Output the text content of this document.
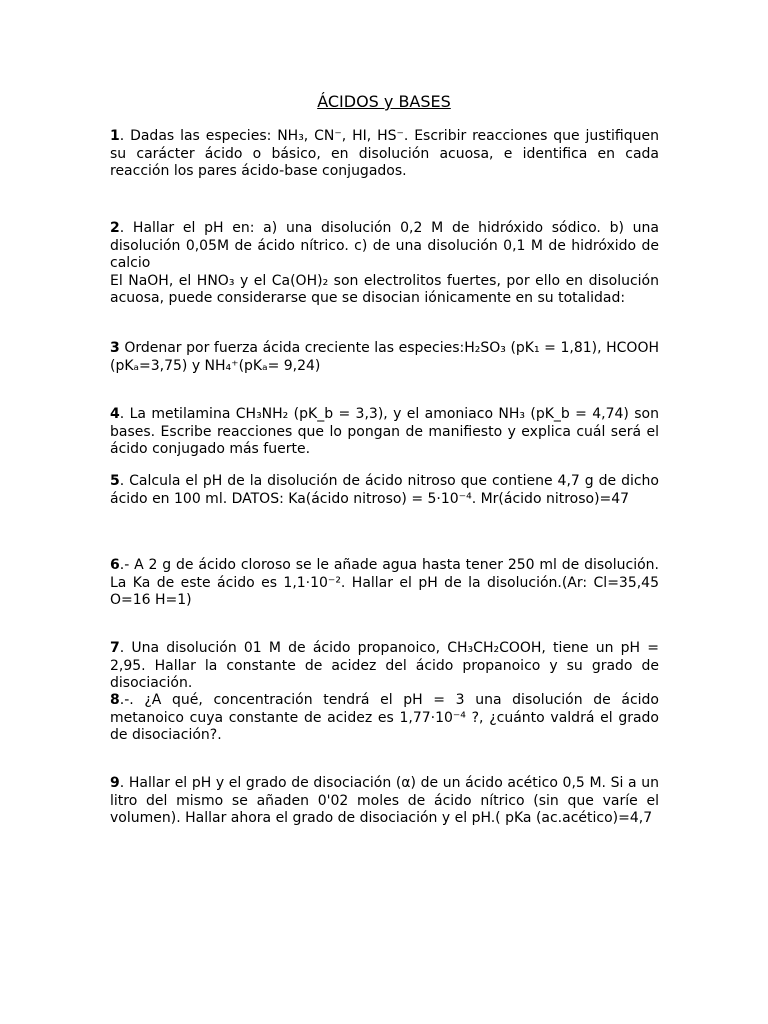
ÁCIDOS y BASES

1. Dadas las especies: NH₃, CN⁻, HI, HS⁻. Escribir reacciones que justifiquen su carácter ácido o básico, en disolución acuosa, e identifica en cada reacción los pares ácido-base conjugados.

2. Hallar el pH en: a) una disolución 0,2 M de hidróxido sódico. b) una disolución 0,05M de ácido nítrico. c) de una disolución 0,1 M de hidróxido de calcio
El NaOH, el HNO₃ y el Ca(OH)₂ son electrolitos fuertes, por ello en disolución acuosa, puede considerarse que se disocian iónicamente en su totalidad:

3 Ordenar por fuerza ácida creciente las especies:H₂SO₃ (pK₁ = 1,81), HCOOH (pKₐ=3,75) y NH₄⁺(pKₐ= 9,24)

4. La metilamina CH₃NH₂ (pK_b = 3,3), y el amoniaco NH₃ (pK_b = 4,74) son bases. Escribe reacciones que lo pongan de manifiesto y explica cuál será el ácido conjugado más fuerte.

5. Calcula el pH de la disolución de ácido nitroso que contiene 4,7 g de dicho ácido en 100 ml. DATOS: Ka(ácido nitroso) = 5·10⁻⁴. Mr(ácido nitroso)=47

6.- A 2 g de ácido cloroso se le añade agua hasta tener 250 ml de disolución. La Ka de este ácido es 1,1·10⁻². Hallar el pH de la disolución.(Ar: Cl=35,45 O=16 H=1)

7. Una disolución 01 M de ácido propanoico, CH₃CH₂COOH, tiene un pH = 2,95. Hallar la constante de acidez del ácido propanoico y su grado de disociación.

8.-. ¿A qué, concentración tendrá el pH = 3 una disolución de ácido metanoico cuya constante de acidez es 1,77·10⁻⁴ ?, ¿cuánto valdrá el grado de disociación?.

9. Hallar el pH y el grado de disociación (α) de un ácido acético 0,5 M. Si a un litro del mismo se añaden 0'02 moles de ácido nítrico (sin que varíe el volumen). Hallar ahora el grado de disociación y el pH.( pKa (ac.acético)=4,7
